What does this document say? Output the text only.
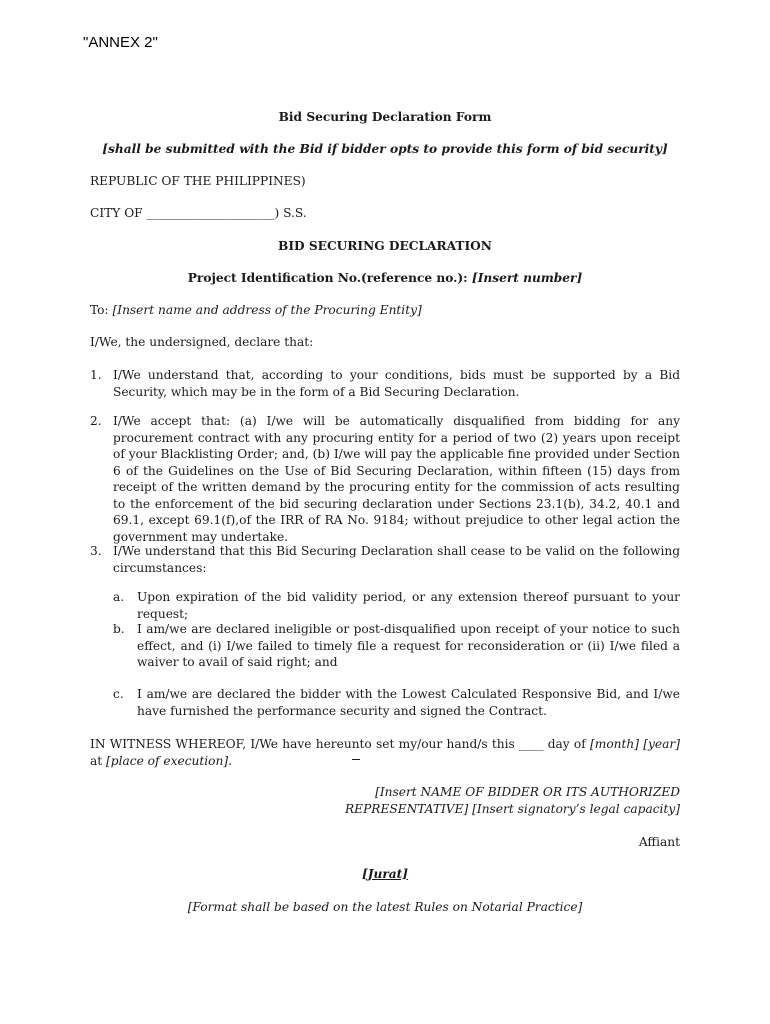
"ANNEX 2"
Bid Securing Declaration Form
[shall be submitted with the Bid if bidder opts to provide this form of bid security]
REPUBLIC OF THE PHILIPPINES)
CITY OF _____________________) S.S.
BID SECURING DECLARATION
Project Identification No.(reference no.): [Insert number]
To: [Insert name and address of the Procuring Entity]
I/We, the undersigned, declare that:
1. I/We understand that, according to your conditions, bids must be supported by a Bid Security, which may be in the form of a Bid Securing Declaration.
2. I/We accept that: (a) I/we will be automatically disqualified from bidding for any procurement contract with any procuring entity for a period of two (2) years upon receipt of your Blacklisting Order; and, (b) I/we will pay the applicable fine provided under Section 6 of the Guidelines on the Use of Bid Securing Declaration, within fifteen (15) days from receipt of the written demand by the procuring entity for the commission of acts resulting to the enforcement of the bid securing declaration under Sections 23.1(b), 34.2, 40.1 and 69.1, except 69.1(f),of the IRR of RA No. 9184; without prejudice to other legal action the government may undertake.
3. I/We understand that this Bid Securing Declaration shall cease to be valid on the following circumstances:
a. Upon expiration of the bid validity period, or any extension thereof pursuant to your request;
b. I am/we are declared ineligible or post-disqualified upon receipt of your notice to such effect, and (i) I/we failed to timely file a request for reconsideration or (ii) I/we filed a waiver to avail of said right; and
c. I am/we are declared the bidder with the Lowest Calculated Responsive Bid, and I/we have furnished the performance security and signed the Contract.
IN WITNESS WHEREOF, I/We have hereunto set my/our hand/s this ____ day of [month] [year] at [place of execution].
[Insert NAME OF BIDDER OR ITS AUTHORIZED
REPRESENTATIVE] [Insert signatory’s legal capacity]
Affiant
[Jurat]
[Format shall be based on the latest Rules on Notarial Practice]
